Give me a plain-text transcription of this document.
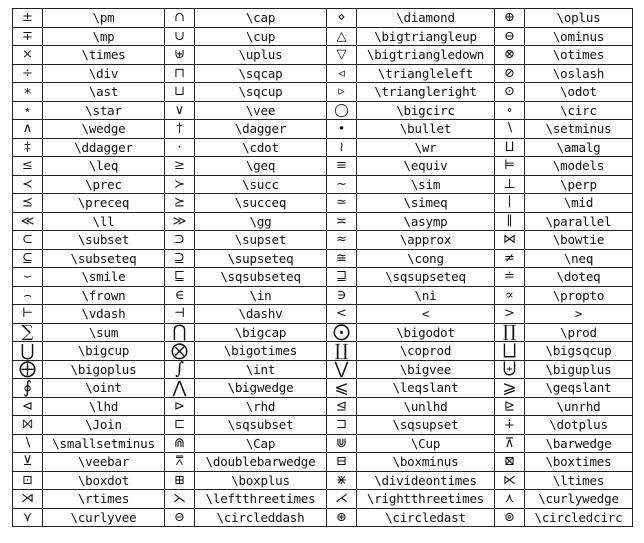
±	\pm	∩	\cap	⋄	\diamond	⊕	\oplus
∓	\mp	∪	\cup	△	\bigtriangleup	⊖	\ominus
×	\times	⊎	\uplus	▽	\bigtriangledown	⊗	\otimes
÷	\div	⊓	\sqcap	◃	\triangleleft	⊘	\oslash
∗	\ast	⊔	\sqcup	▹	\triangleright	⊙	\odot
⋆	\star	∨	\vee	◯	\bigcirc	∘	\circ
∧	\wedge	†	\dagger	∙	\bullet	∖	\setminus
‡	\ddagger	·	\cdot	≀	\wr	⨿	\amalg
≤	\leq	≥	\geq	≡	\equiv	⊨	\models
≺	\prec	≻	\succ	∼	\sim	⊥	\perp
⪯	\preceq	⪰	\succeq	≃	\simeq	∣	\mid
≪	\ll	≫	\gg	≍	\asymp	∥	\parallel
⊂	\subset	⊃	\supset	≈	\approx	⋈	\bowtie
⊆	\subseteq	⊇	\supseteq	≅	\cong	≠	\neq
⌣	\smile	⊑	\sqsubseteq	⊒	\sqsupseteq	≐	\doteq
⌢	\frown	∈	\in	∋	\ni	∝	\propto
⊢	\vdash	⊣	\dashv	<	<	>	>
∑	\sum	⋂	\bigcap	⨀	\bigodot	∏	\prod
⋃	\bigcup	⨂	\bigotimes	∐	\coprod	⨆	\bigsqcup
⨁	\bigoplus	∫	\int	⋁	\bigvee	⨄	\biguplus
∮	\oint	⋀	\bigwedge	⩽	\leqslant	⩾	\geqslant
⊲	\lhd	⊳	\rhd	⊴	\unlhd	⊵	\unrhd
⨝	\Join	⊏	\sqsubset	⊐	\sqsupset	∔	\dotplus
∖	\smallsetminus	⋒	\Cap	⋓	\Cup	⊼	\barwedge
⊻	\veebar	⩞	\doublebarwedge	⊟	\boxminus	⊠	\boxtimes
⊡	\boxdot	⊞	\boxplus	⋇	\divideontimes	⋉	\ltimes
⋊	\rtimes	⋋	\leftthreetimes	⋌	\rightthreetimes	⋏	\curlywedge
⋎	\curlyvee	⊝	\circleddash	⊛	\circledast	⊚	\circledcirc
